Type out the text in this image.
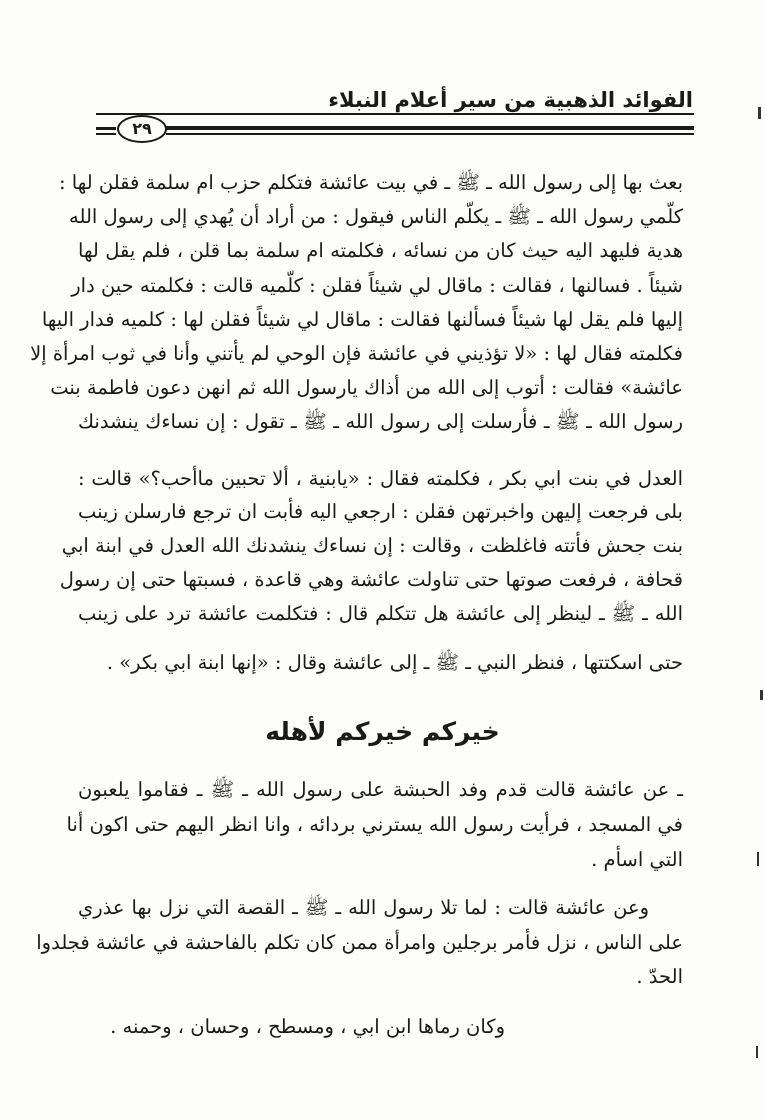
الفوائد الذهبية من سير أعلام النبلاء
٢٩
بعث بها إلى رسول الله ـ ﷺ ـ في بيت عائشة فتكلم حزب ام سلمة فقلن لها :
كلّمي رسول الله ـ ﷺ ـ يكلّم الناس فيقول : من أراد أن يُهدي إلى رسول الله
هدية فليهد اليه حيث كان من نسائه ، فكلمته ام سلمة بما قلن ، فلم يقل لها
شيئاً . فسالنها ، فقالت : ماقال لي شيئاً فقلن : كلّميه قالت : فكلمته حين دار
إليها فلم يقل لها شيئاً فسألنها فقالت : ماقال لي شيئاً فقلن لها : كلميه فدار اليها
فكلمته فقال لها : «لا تؤذيني في عائشة فإن الوحي لم يأتني وأنا في ثوب امرأة إلا
عائشة» فقالت : أتوب إلى الله من أذاك يارسول الله ثم انهن دعون فاطمة بنت
رسول الله ـ ﷺ ـ فأرسلت إلى رسول الله ـ ﷺ ـ تقول : إن نساءك ينشدنك
العدل في بنت ابي بكر ، فكلمته فقال : «يابنية ، ألا تحبين ماأحب؟» قالت :
بلى فرجعت إليهن واخبرتهن فقلن : ارجعي اليه فأبت ان ترجع فارسلن زينب
بنت جحش فأتته فاغلظت ، وقالت : إن نساءك ينشدنك الله العدل في ابنة ابي
قحافة ، فرفعت صوتها حتى تناولت عائشة وهي قاعدة ، فسبتها حتى إن رسول
الله ـ ﷺ ـ لينظر إلى عائشة هل تتكلم قال : فتكلمت عائشة ترد على زينب
حتى اسكتتها ، فنظر النبي ـ ﷺ ـ إلى عائشة وقال : «إنها ابنة ابي بكر» .
خيركم خيركم لأهله
ـ عن عائشة قالت قدم وفد الحبشة على رسول الله ـ ﷺ ـ فقاموا يلعبون
في المسجد ، فرأيت رسول الله يسترني بردائه ، وانا انظر اليهم حتى اكون أنا
التي اسأم .
وعن عائشة قالت : لما تلا رسول الله ـ ﷺ ـ القصة التي نزل بها عذري
على الناس ، نزل فأمر برجلين وامرأة ممن كان تكلم بالفاحشة في عائشة فجلدوا
الحدّ .
وكان رماها ابن ابي ، ومسطح ، وحسان ، وحمنه .
